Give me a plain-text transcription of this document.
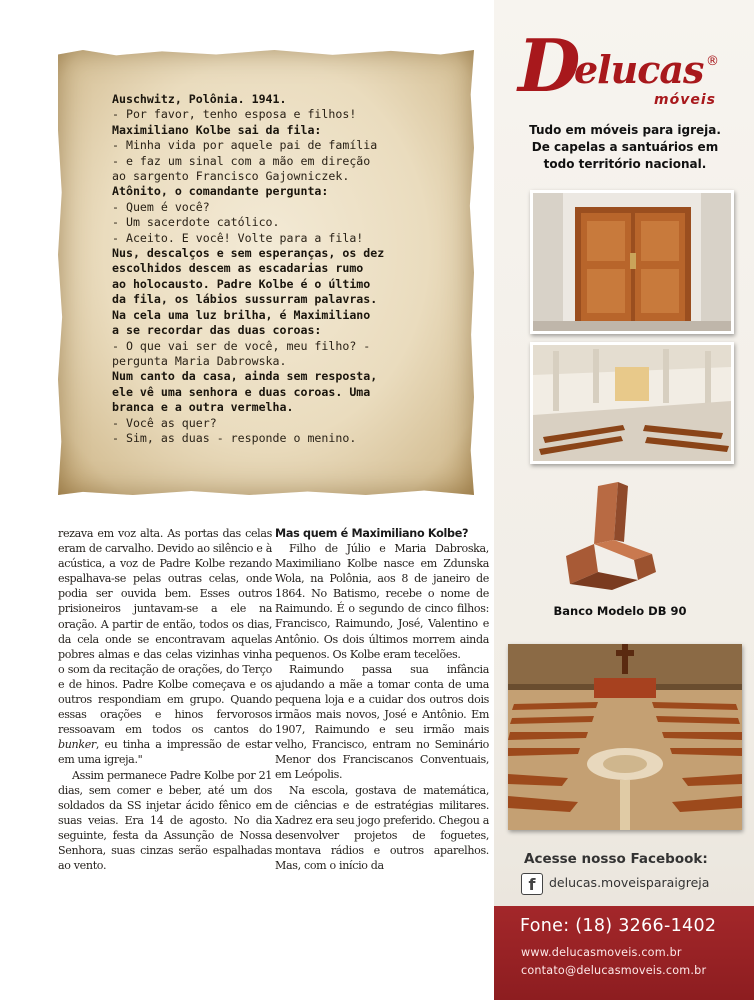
Auschwitz, Polônia. 1941.
- Por favor, tenho esposa e filhos!
Maximiliano Kolbe sai da fila:
- Minha vida por aquele pai de família
- e faz um sinal com a mão em direção
ao sargento Francisco Gajowniczek.
Atônito, o comandante pergunta:
- Quem é você?
- Um sacerdote católico.
- Aceito. E você! Volte para a fila!
Nus, descalços e sem esperanças, os dez
escolhidos descem as escadarias rumo
ao holocausto. Padre Kolbe é o último
da fila, os lábios sussurram palavras.
Na cela uma luz brilha, é Maximiliano
a se recordar das duas coroas:
- O que vai ser de você, meu filho? -
pergunta Maria Dabrowska.
Num canto da casa, ainda sem resposta,
ele vê uma senhora e duas coroas. Uma
branca e a outra vermelha.
- Você as quer?
- Sim, as duas - responde o menino.

rezava em voz alta. As portas das celas eram de carvalho. Devido ao silêncio e à acústica, a voz de Padre Kolbe rezando espalhava-se pelas outras celas, onde podia ser ouvida bem. Esses outros prisioneiros juntavam-se a ele na oração. A partir de então, todos os dias, da cela onde se encontravam aquelas pobres almas e das celas vizinhas vinha o som da recitação de orações, do Terço e de hinos. Padre Kolbe começava e os outros respondiam em grupo. Quando essas orações e hinos fervorosos ressoavam em todos os cantos do bunker, eu tinha a impressão de estar em uma igreja."

Assim permanece Padre Kolbe por 21 dias, sem comer e beber, até um dos soldados da SS injetar ácido fênico em suas veias. Era 14 de agosto. No dia seguinte, festa da Assunção de Nossa Senhora, suas cinzas serão espalhadas ao vento.

Mas quem é Maximiliano Kolbe?

Filho de Júlio e Maria Dabroska, Maximiliano Kolbe nasce em Zdunska Wola, na Polônia, aos 8 de janeiro de 1864. No Batismo, recebe o nome de Raimundo. É o segundo de cinco filhos: Francisco, Raimundo, José, Valentino e Antônio. Os dois últimos morrem ainda pequenos. Os Kolbe eram tecelões.

Raimundo passa sua infância ajudando a mãe a tomar conta de uma pequena loja e a cuidar dos outros dois irmãos mais novos, José e Antônio. Em 1907, Raimundo e seu irmão mais velho, Francisco, entram no Seminário Menor dos Franciscanos Conventuais, em Leópolis.

Na escola, gostava de matemática, de ciências e de estratégias militares. Xadrez era seu jogo preferido. Chegou a desenvolver projetos de foguetes, montava rádios e outros aparelhos. Mas, com o início da

D
elucas ®
móveis
Tudo em móveis para igreja.
De capelas a santuários em
todo território nacional.
Banco Modelo DB 90
Acesse nosso Facebook:
f	delucas.moveisparaigreja
Fone: (18) 3266-1402
www.delucasmoveis.com.br
contato@delucasmoveis.com.br
